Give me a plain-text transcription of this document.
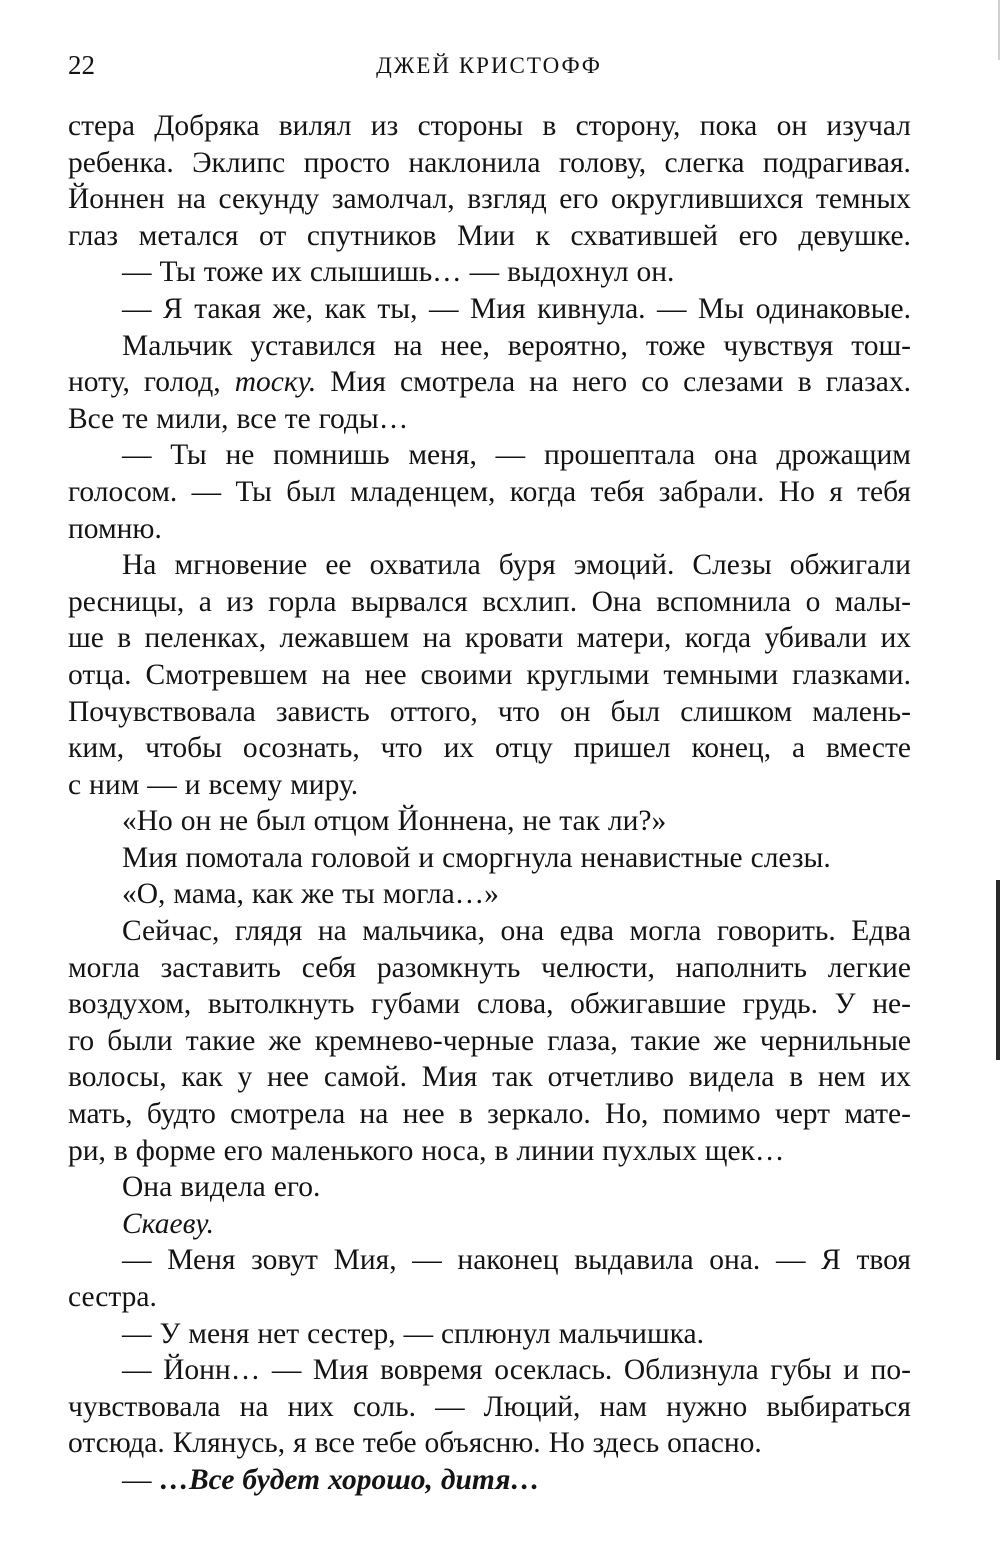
22	ДЖЕЙ КРИСТОФФ
стера Добряка вилял из стороны в сторону, пока он изучал
ребенка. Эклипс просто наклонила голову, слегка подрагивая.
Йоннен на секунду замолчал, взгляд его округлившихся темных
глаз метался от спутников Мии к схватившей его девушке.
— Ты тоже их слышишь… — выдохнул он.
— Я такая же, как ты, — Мия кивнула. — Мы одинаковые.
Мальчик уставился на нее, вероятно, тоже чувствуя тош-
ноту, голод, тоску. Мия смотрела на него со слезами в глазах.
Все те мили, все те годы…
— Ты не помнишь меня, — прошептала она дрожащим
голосом. — Ты был младенцем, когда тебя забрали. Но я тебя
помню.
На мгновение ее охватила буря эмоций. Слезы обжигали
ресницы, а из горла вырвался всхлип. Она вспомнила о малы-
ше в пеленках, лежавшем на кровати матери, когда убивали их
отца. Смотревшем на нее своими круглыми темными глазками.
Почувствовала зависть оттого, что он был слишком малень-
ким, чтобы осознать, что их отцу пришел конец, а вместе
с ним — и всему миру.
«Но он не был отцом Йоннена, не так ли?»
Мия помотала головой и сморгнула ненавистные слезы.
«О, мама, как же ты могла…»
Сейчас, глядя на мальчика, она едва могла говорить. Едва
могла заставить себя разомкнуть челюсти, наполнить легкие
воздухом, вытолкнуть губами слова, обжигавшие грудь. У не-
го были такие же кремнево-черные глаза, такие же чернильные
волосы, как у нее самой. Мия так отчетливо видела в нем их
мать, будто смотрела на нее в зеркало. Но, помимо черт мате-
ри, в форме его маленького носа, в линии пухлых щек…
Она видела его.
Скаеву.
— Меня зовут Мия, — наконец выдавила она. — Я твоя
сестра.
— У меня нет сестер, — сплюнул мальчишка.
— Йонн… — Мия вовремя осеклась. Облизнула губы и по-
чувствовала на них соль. — Люций, нам нужно выбираться
отсюда. Клянусь, я все тебе объясню. Но здесь опасно.
— …Все будет хорошо, дитя…
